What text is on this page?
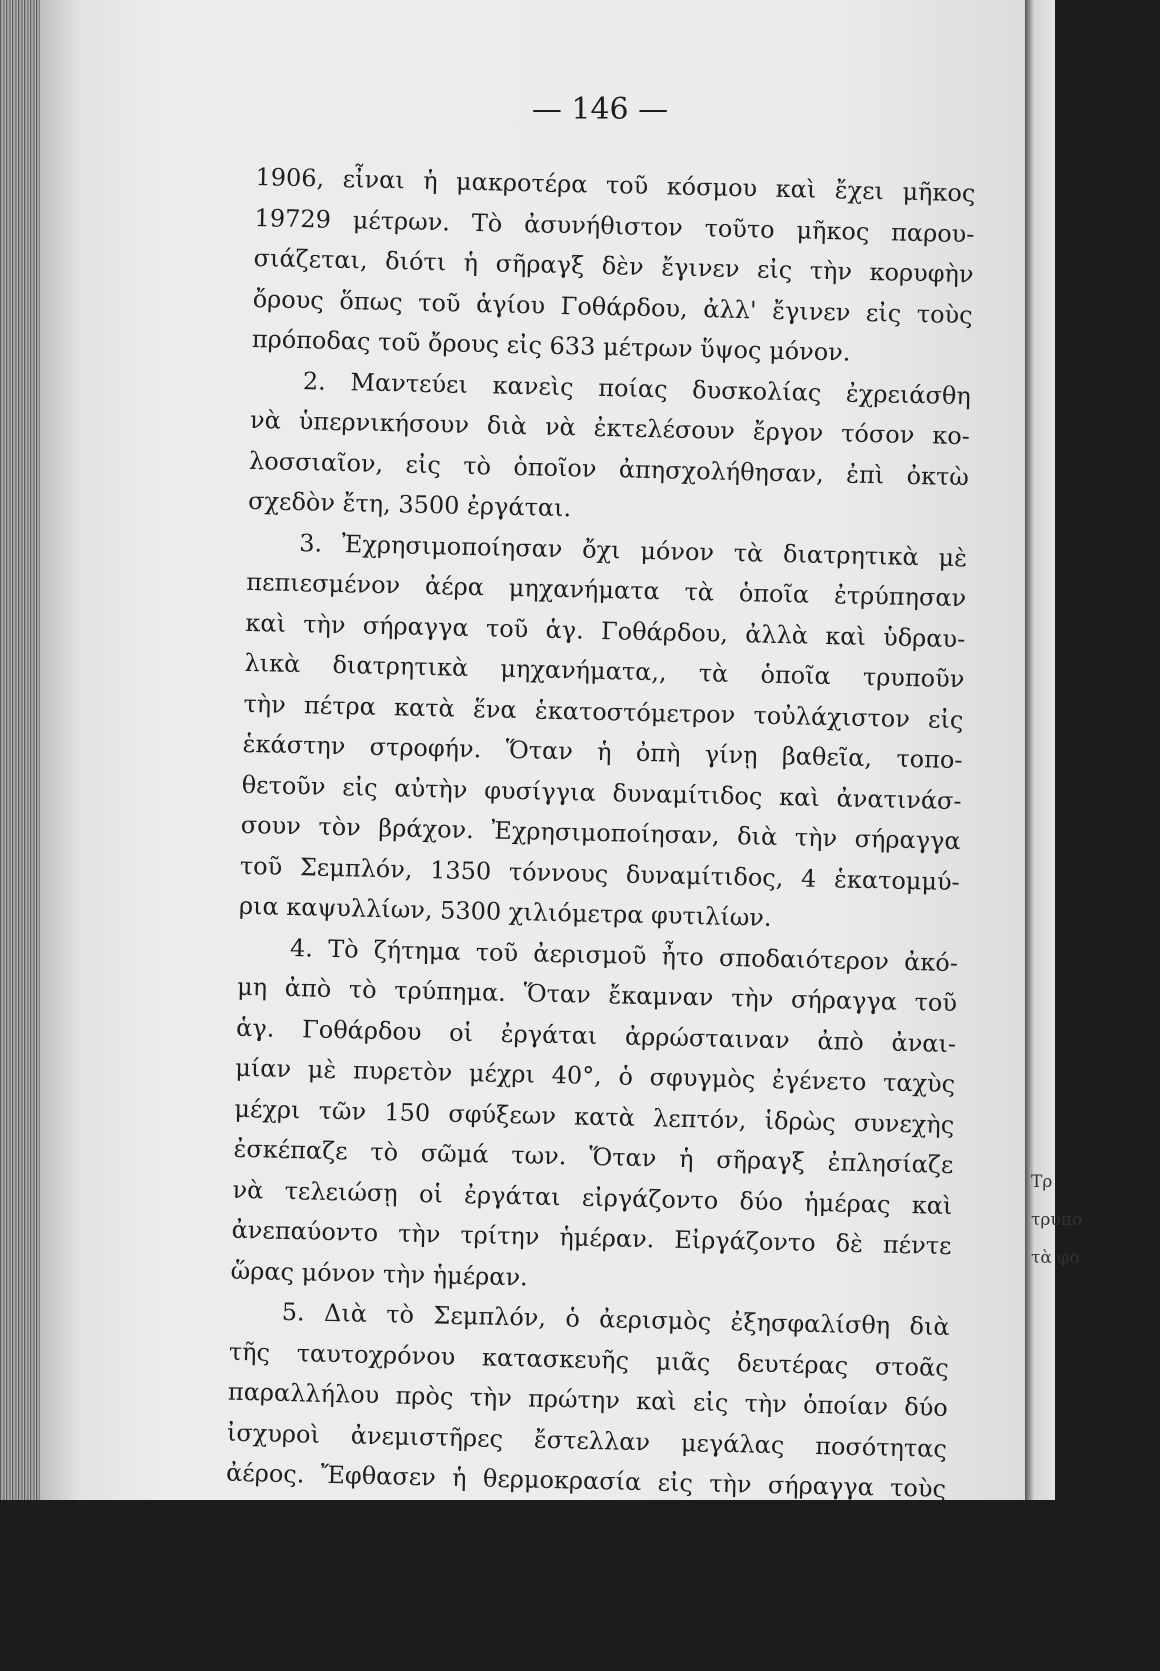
— 146 —
1906, εἶναι ἡ μακροτέρα τοῦ κόσμου καὶ ἔχει μῆκος
19729 μέτρων. Τὸ ἀσυνήθιστον τοῦτο μῆκος παρου-
σιάζεται, διότι ἡ σῆραγξ δὲν ἔγινεν εἰς τὴν κορυφὴν
ὄρους ὅπως τοῦ ἁγίου Γοθάρδου, ἀλλ' ἔγινεν εἰς τοὺς
πρόποδας τοῦ ὄρους εἰς 633 μέτρων ὕψος μόνον.
2. Μαντεύει κανεὶς ποίας δυσκολίας ἐχρειάσθη
νὰ ὑπερνικήσουν διὰ νὰ ἐκτελέσουν ἔργον τόσον κο-
λοσσιαῖον, εἰς τὸ ὁποῖον ἀπησχολήθησαν, ἐπὶ ὀκτὼ
σχεδὸν ἔτη, 3500 ἐργάται.
3. Ἐχρησιμοποίησαν ὄχι μόνον τὰ διατρητικὰ μὲ
πεπιεσμένον ἀέρα μηχανήματα τὰ ὁποῖα ἐτρύπησαν
καὶ τὴν σήραγγα τοῦ ἁγ. Γοθάρδου, ἀλλὰ καὶ ὑδραυ-
λικὰ διατρητικὰ μηχανήματα,, τὰ ὁποῖα τρυποῦν
τὴν πέτρα κατὰ ἕνα ἑκατοστόμετρον τοὐλάχιστον εἰς
ἑκάστην στροφήν. Ὅταν ἡ ὀπὴ γίνῃ βαθεῖα, τοπο-
θετοῦν εἰς αὐτὴν φυσίγγια δυναμίτιδος καὶ ἀνατινάσ-
σουν τὸν βράχον. Ἐχρησιμοποίησαν, διὰ τὴν σήραγγα
τοῦ Σεμπλόν, 1350 τόννους δυναμίτιδος, 4 ἑκατομμύ-
ρια καψυλλίων, 5300 χιλιόμετρα φυτιλίων.
4. Τὸ ζήτημα τοῦ ἀερισμοῦ ἦτο σποδαιότερον ἀκό-
μη ἀπὸ τὸ τρύπημα. Ὅταν ἔκαμναν τὴν σήραγγα τοῦ
ἁγ. Γοθάρδου οἱ ἐργάται ἀρρώσταιναν ἀπὸ ἀναι-
μίαν μὲ πυρετὸν μέχρι 40°, ὁ σφυγμὸς ἐγένετο ταχὺς
μέχρι τῶν 150 σφύξεων κατὰ λεπτόν, ἱδρὼς συνεχὴς
ἐσκέπαζε τὸ σῶμά των. Ὅταν ἡ σῆραγξ ἐπλησίαζε
νὰ τελειώσῃ οἱ ἐργάται εἰργάζοντο δύο ἡμέρας καὶ
ἀνεπαύοντο τὴν τρίτην ἡμέραν. Εἰργάζοντο δὲ πέντε
ὥρας μόνον τὴν ἡμέραν.
5. Διὰ τὸ Σεμπλόν, ὁ ἀερισμὸς ἐξησφαλίσθη διὰ
τῆς ταυτοχρόνου κατασκευῆς μιᾶς δευτέρας στοᾶς
παραλλήλου πρὸς τὴν πρώτην καὶ εἰς τὴν ὁποίαν δύο
ἰσχυροὶ ἀνεμιστῆρες ἔστελλαν μεγάλας ποσότητας
ἀέρος. Ἔφθασεν ἡ θερμοκρασία εἰς τὴν σήραγγα τοὺς
45—46°. Εἰς αὐτὴν πλέον τὴν θερμοκρασίαν δὲν ἦτο
δυνατὸν νὰ ἀνθέξῃ ἐργάτης. Τὴν ἐπολέμησαν ὅμως
ἀποτελεσματικῶς διὰ τῆς ψυχρολουσίας.
6. Συνήντησαν καὶ ἄλλας δυσκολίας φοβεράς.
Τρ
τρυπο
τὰ φο
